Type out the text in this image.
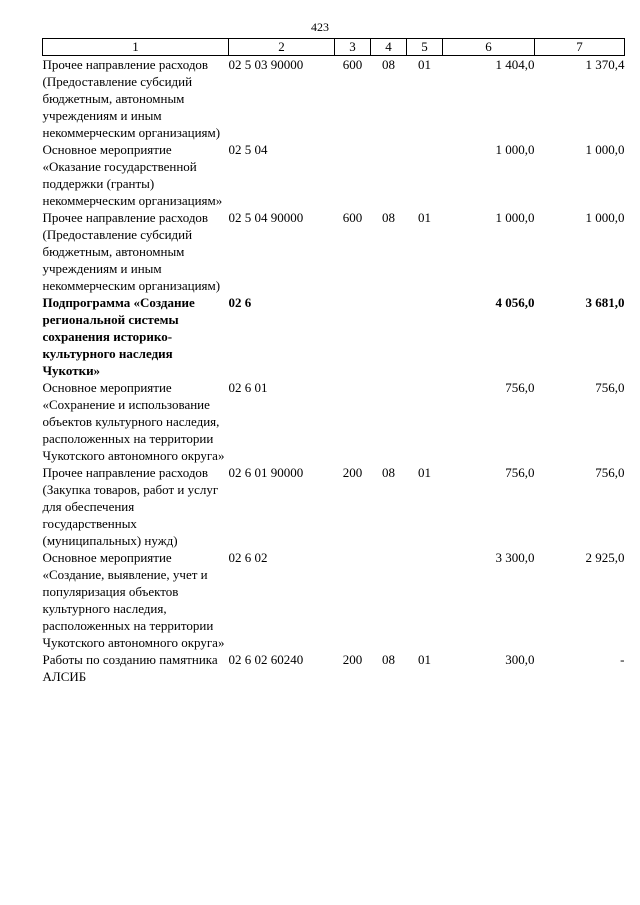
423
1	2	3	4	5	6	7
Прочее направление расходов (Предоставление субсидий бюджетным, автономным учреждениям и иным некоммерческим организациям)	02 5 03 90000	600	08	01	1 404,0	1 370,4
Основное мероприятие «Оказание государственной поддержки (гранты) некоммерческим организациям»	02 5 04				1 000,0	1 000,0
Прочее направление расходов (Предоставление субсидий бюджетным, автономным учреждениям и иным некоммерческим организациям)	02 5 04 90000	600	08	01	1 000,0	1 000,0
Подпрограмма «Создание региональной системы сохранения историко-культурного наследия Чукотки»	02 6				4 056,0	3 681,0
Основное мероприятие «Сохранение и использование объектов культурного наследия, расположенных на территории Чукотского автономного округа»	02 6 01				756,0	756,0
Прочее направление расходов (Закупка товаров, работ и услуг для обеспечения государственных (муниципальных) нужд)	02 6 01 90000	200	08	01	756,0	756,0
Основное мероприятие «Создание, выявление, учет и популяризация объектов культурного наследия, расположенных на территории Чукотского автономного округа»	02 6 02				3 300,0	2 925,0
Работы по созданию памятника АЛСИБ	02 6 02 60240	200	08	01	300,0	-
